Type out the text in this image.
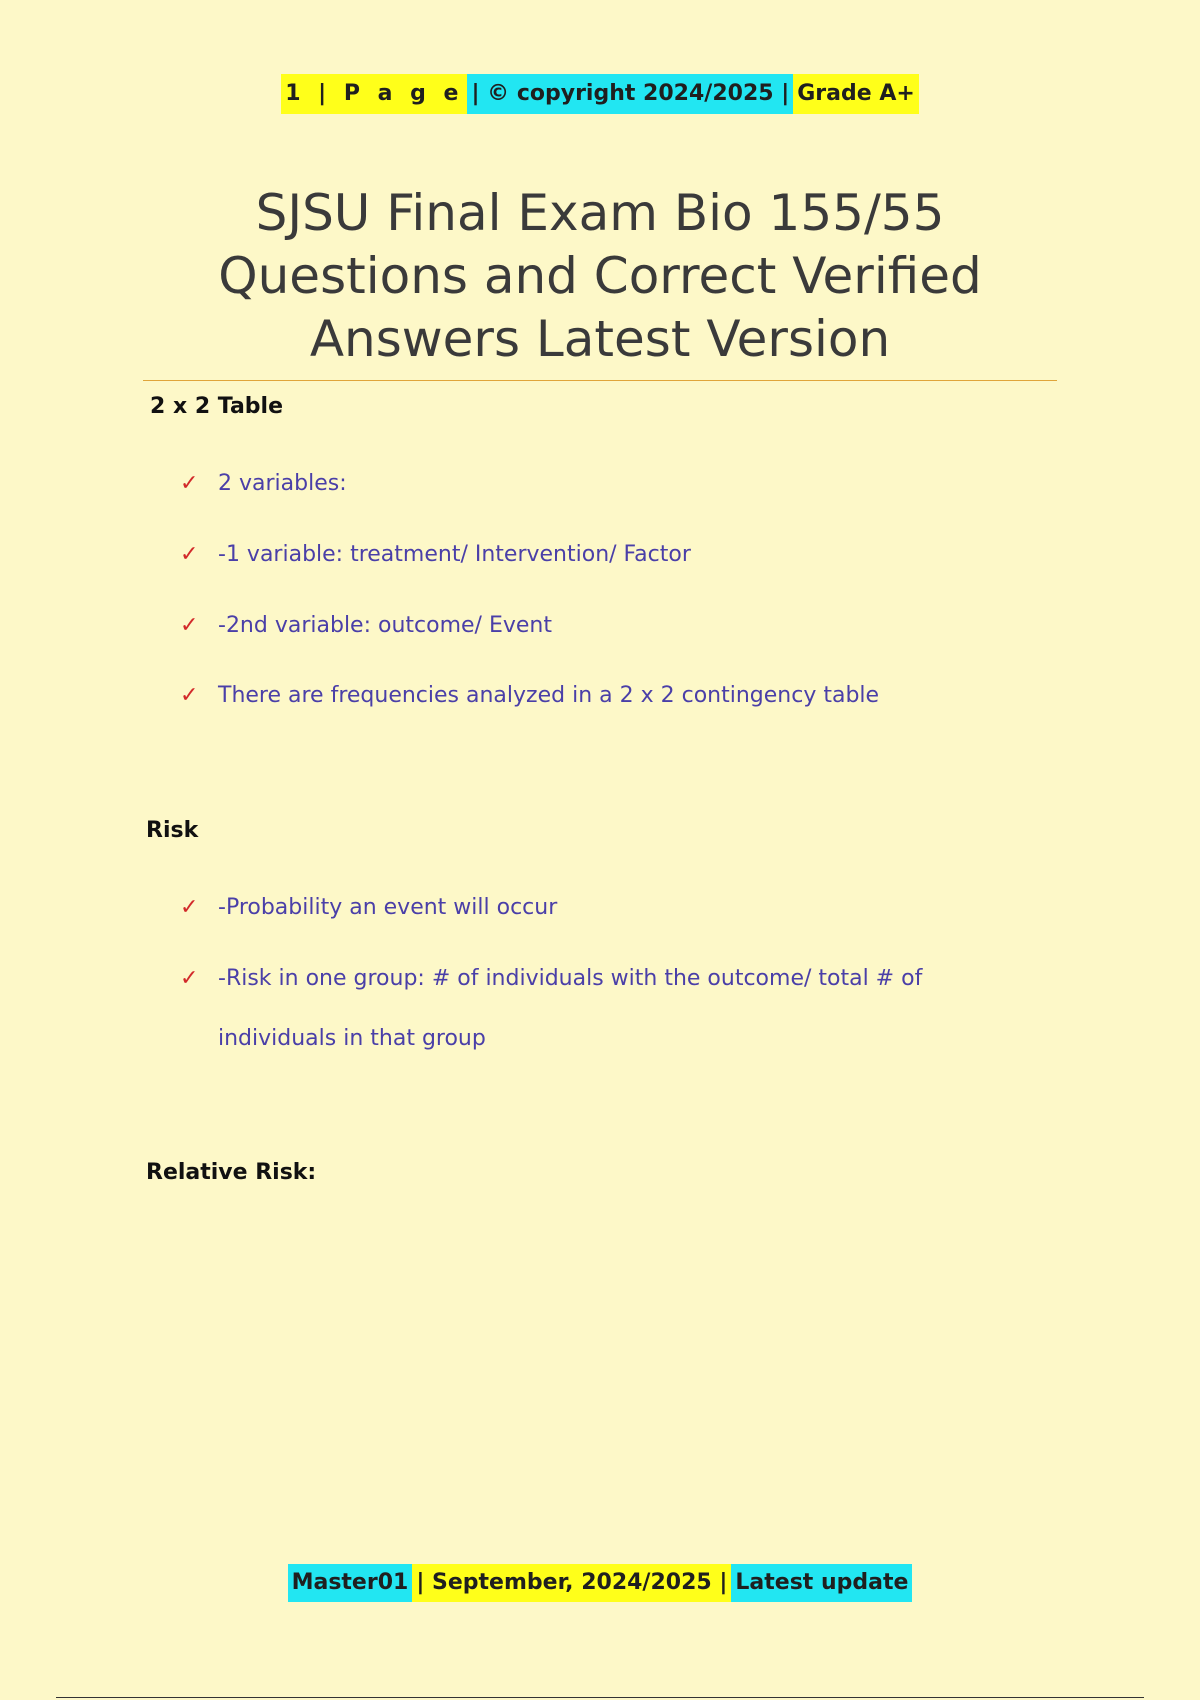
1 | P a g e | © copyright 2024/2025 | Grade A+
SJSU Final Exam Bio 155/55
Questions and Correct Verified
Answers Latest Version
2 x 2 Table
✓ 2 variables:
✓ -1 variable: treatment/ Intervention/ Factor
✓ -2nd variable: outcome/ Event
✓ There are frequencies analyzed in a 2 x 2 contingency table
Risk
✓ -Probability an event will occur
✓ -Risk in one group: # of individuals with the outcome/ total # of individuals in that group
Relative Risk:
Master01 | September, 2024/2025 | Latest update
